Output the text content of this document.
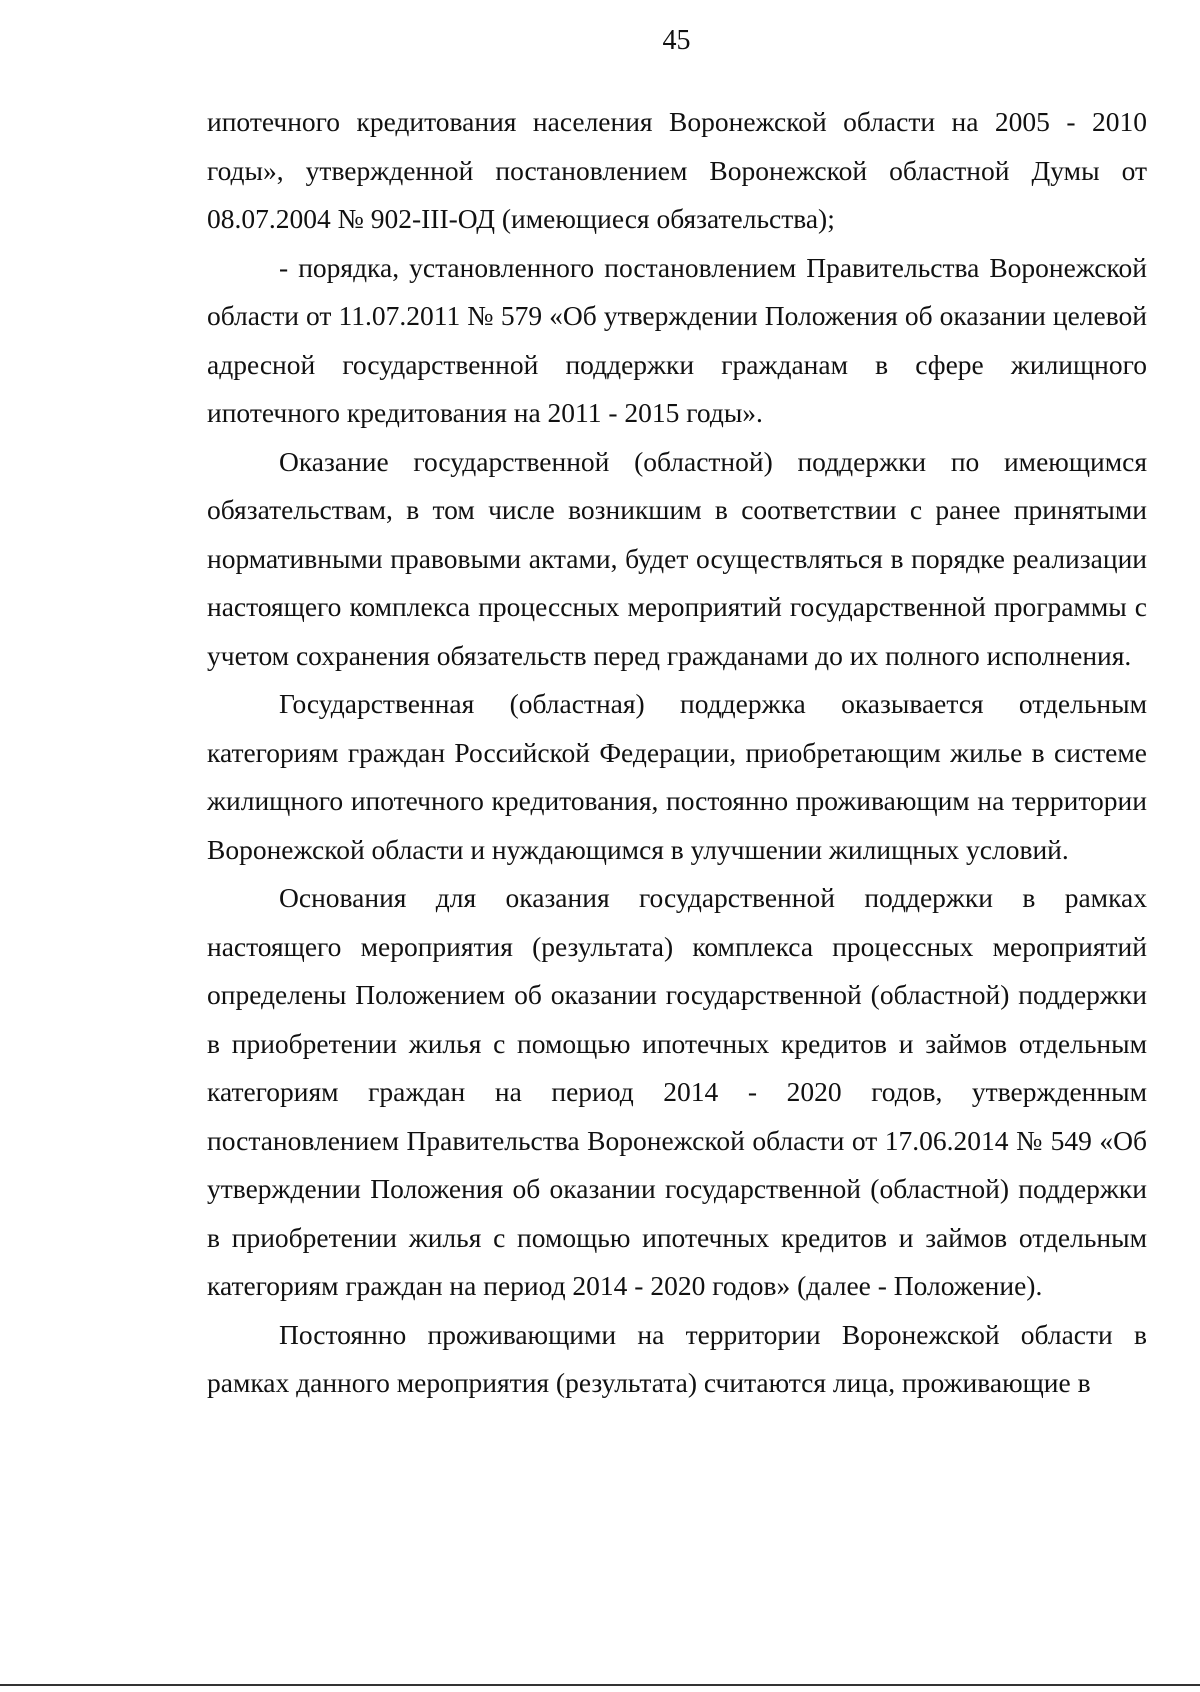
45

ипотечного кредитования населения Воронежской области на 2005 - 2010 годы», утвержденной постановлением Воронежской областной Думы от 08.07.2004 № 902-III-ОД (имеющиеся обязательства);

- порядка, установленного постановлением Правительства Воронежской области от 11.07.2011 № 579 «Об утверждении Положения об оказании целевой адресной государственной поддержки гражданам в сфере жилищного ипотечного кредитования на 2011 - 2015 годы».

Оказание государственной (областной) поддержки по имеющимся обязательствам, в том числе возникшим в соответствии с ранее принятыми нормативными правовыми актами, будет осуществляться в порядке реализации настоящего комплекса процессных мероприятий государственной программы с учетом сохранения обязательств перед гражданами до их полного исполнения.

Государственная (областная) поддержка оказывается отдельным категориям граждан Российской Федерации, приобретающим жилье в системе жилищного ипотечного кредитования, постоянно проживающим на территории Воронежской области и нуждающимся в улучшении жилищных условий.

Основания для оказания государственной поддержки в рамках настоящего мероприятия (результата) комплекса процессных мероприятий определены Положением об оказании государственной (областной) поддержки в приобретении жилья с помощью ипотечных кредитов и займов отдельным категориям граждан на период 2014 - 2020 годов, утвержденным постановлением Правительства Воронежской области от 17.06.2014 № 549 «Об утверждении Положения об оказании государственной (областной) поддержки в приобретении жилья с помощью ипотечных кредитов и займов отдельным категориям граждан на период 2014 - 2020 годов» (далее - Положение).

Постоянно проживающими на территории Воронежской области в рамках данного мероприятия (результата) считаются лица, проживающие в
